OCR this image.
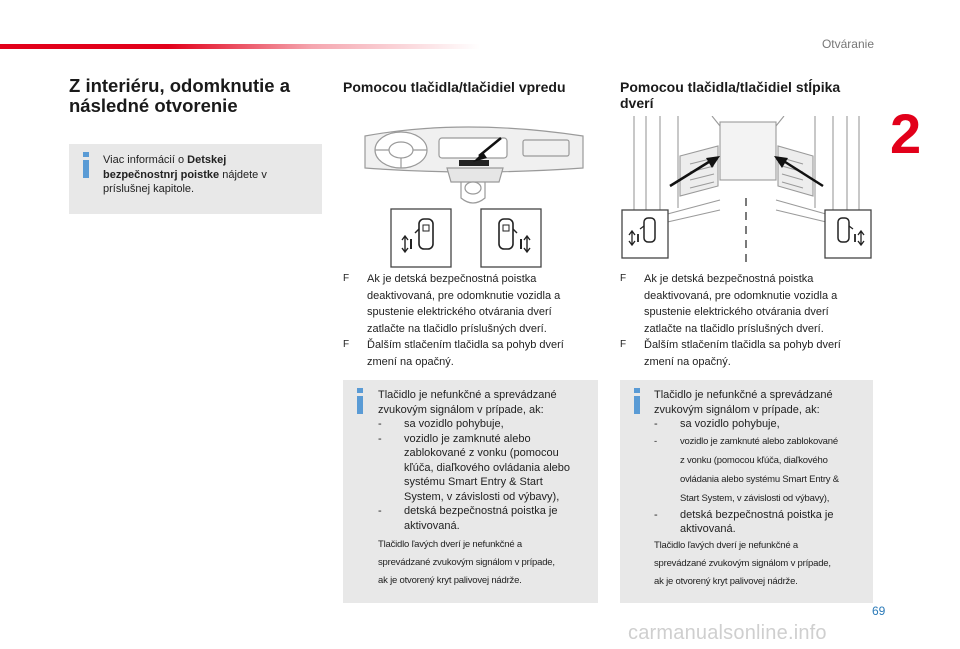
Otváranie
2
Z interiéru, odomknutie a
následné otvorenie
Viac informácií o Detskej
bezpečnostnrj poistke nájdete v
príslušnej kapitole.
Pomocou tlačidla/tlačidiel vpredu
F Ak je detská bezpečnostná poistka
deaktivovaná, pre odomknutie vozidla a
spustenie elektrického otvárania dverí
zatlačte na tlačidlo príslušných dverí.
F Ďalším stlačením tlačidla sa pohyb dverí
zmení na opačný.
Tlačidlo je nefunkčné a sprevádzané
zvukovým signálom v prípade, ak:
- sa vozidlo pohybuje,
- vozidlo je zamknuté alebo
zablokované z vonku (pomocou
kľúča, diaľkového ovládania alebo
systému Smart Entry & Start
System, v závislosti od výbavy),
- detská bezpečnostná poistka je
aktivovaná.
Tlačidlo ľavých dverí je nefunkčné a
sprevádzané zvukovým signálom v prípade,
ak je otvorený kryt palivovej nádrže.
Pomocou tlačidla/tlačidiel stĺpika
dverí
F Ak je detská bezpečnostná poistka
deaktivovaná, pre odomknutie vozidla a
spustenie elektrického otvárania dverí
zatlačte na tlačidlo príslušných dverí.
F Ďalším stlačením tlačidla sa pohyb dverí
zmení na opačný.
Tlačidlo je nefunkčné a sprevádzané
zvukovým signálom v prípade, ak:
- sa vozidlo pohybuje,
- vozidlo je zamknuté alebo zablokované
z vonku (pomocou kľúča, diaľkového
ovládania alebo systému Smart Entry &
Start System, v závislosti od výbavy),
- detská bezpečnostná poistka je
aktivovaná.
Tlačidlo ľavých dverí je nefunkčné a
sprevádzané zvukovým signálom v prípade,
ak je otvorený kryt palivovej nádrže.
69
carmanualsonline.info
